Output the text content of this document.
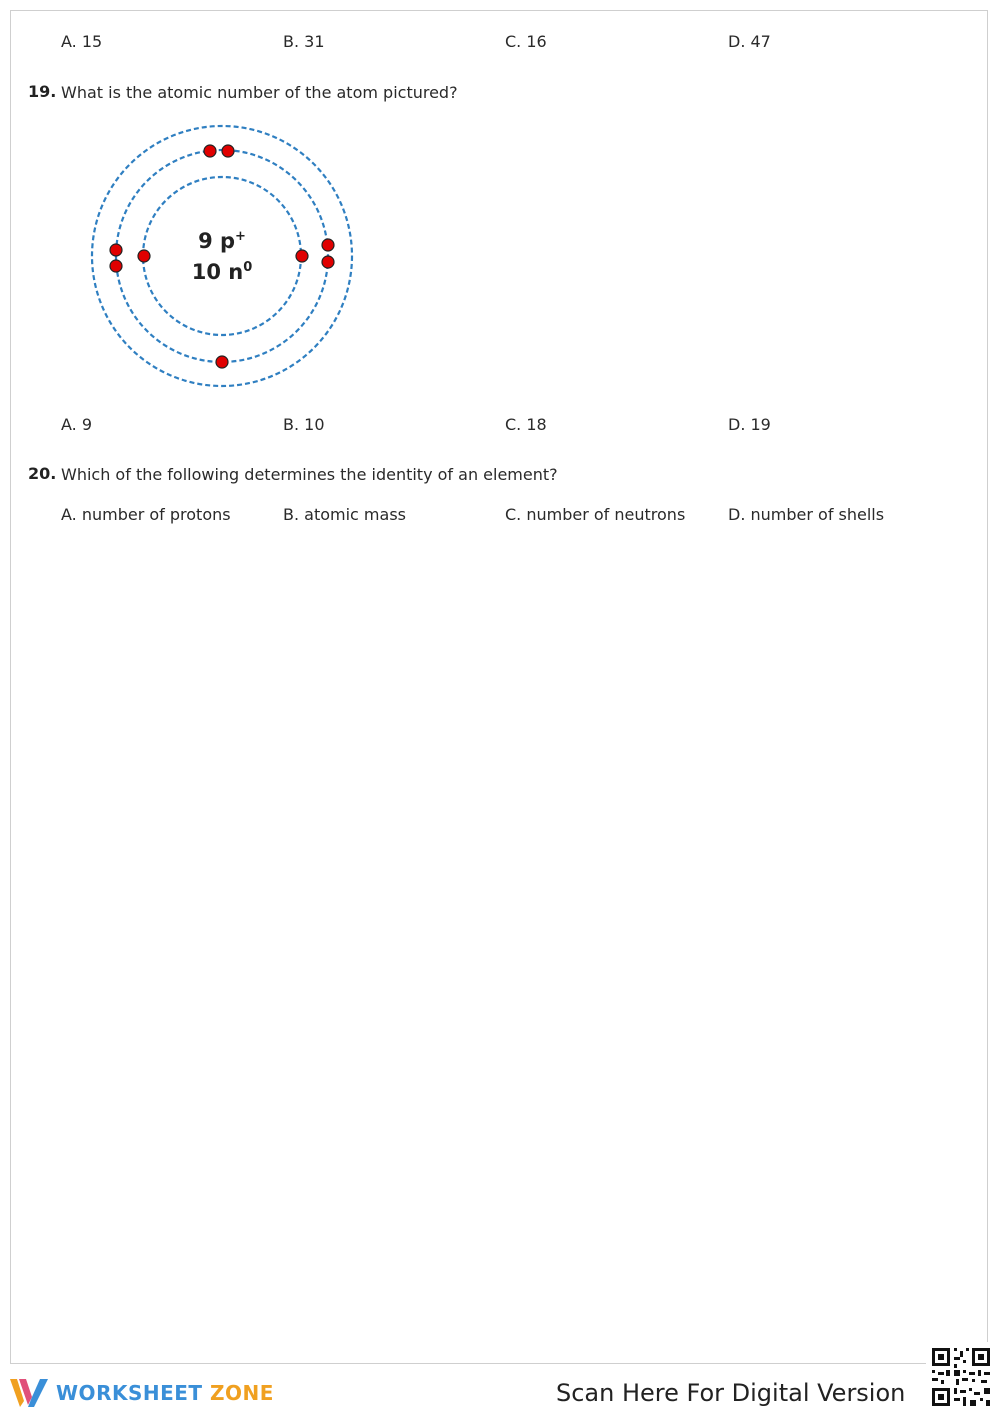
A. 15	B. 31	C. 16	D. 47
19. What is the atomic number of the atom pictured?
9 p+
10 $n^0$
A. 9	B. 10	C. 18	D. 19
20. Which of the following determines the identity of an element?
A. number of protons	B. atomic mass	C. number of neutrons	D. number of shells
WORKSHEET ZONE	Scan Here For Digital Version
